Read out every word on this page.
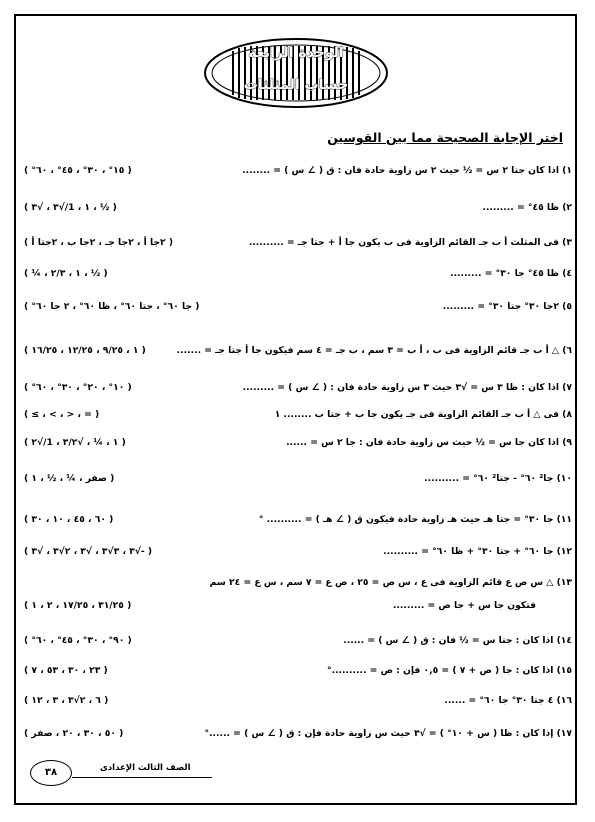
الوحدة الرابعة
حساب المثلثات
اختر الإجابة الصحيحة مما بين القوسين
١) اذا كان جتا ٢ س = ½ حيث ٢ س زاوية حادة فان : ق ( ∠ س ) = ........
( ١٥° ، ٣٠° ، ٤٥° ، ٦٠° )
٢) ظا ٤٥° = .........
( ½ ، ١ ، 1/√٣ ، √٣ )
٣) فى المثلث أ ب جـ القائم الزاوية فى ب يكون جا أ + جتا جـ = ..........
( ٢جا أ ، ٢جا جـ ، ٢جا ب ، ٢جتا أ )
٤) ظا ٤٥° جا ٣٠° = .........
( ½ ، ١ ، ٢/٣ ، ¼ )
٥) ٢جا ٣٠° جتا ٣٠° = .........
( جا ٦٠° ، جتا ٦٠° ، ظا ٦٠° ، ٢ جا ٦٠° )
٦) △ أ ب جـ قائم الزاوية فى ب ، أ ب = ٣ سم ، ب جـ = ٤ سم فيكون جا أ جتا جـ = .......
( ١ ، ٩/٢٥ ، ١٢/٢٥ ، ١٦/٢٥ )
٧) اذا كان : ظا ٣ س = √٣ حيث ٣ س زاوية حادة فان : ( ∠ س ) = .........
( ١٠° ، ٢٠° ، ٣٠° ، ٦٠° )
٨) فى △ أ ب جـ القائم الزاوية فى جـ يكون جا ب + جتا ب ........ ١
( = ، < ، > ، ≥ )
٩) اذا كان جا س = ½ حيث س زاوية حادة فان : جا ٢ س = ......
( ١ ، ¼ ، √٣/٢ ، 1/√٢ )
١٠) جا² ٦٠° - جتا² ٦٠° = ..........
( صفر ، ¼ ، ½ ، ١ )
١١) جا ٣٠° = جتا هـ حيث هـ زاوية حادة فيكون ق ( ∠ هـ ) = .......... °
( ٦٠ ، ٤٥ ، ١٠ ، ٣٠ )
١٢) جا ٦٠° + جتا ٣٠° + ظا ٦٠° = ..........
( -√٣ ، ٣√٣ ، √٣ ، ٢√٣ ، √٣ )
١٣) △ س ص ع قائم الزاوية فى ع ، س ص = ٢٥ ، ص ع = ٧ سم ، س ع = ٢٤ سم
فتكون جا س + جا ص = .........
( ٣١/٢٥ ، ١٧/٢٥ ، ٢ ، ١ )
١٤) اذا كان : جتا س = ½ فان : ق ( ∠ س ) = ......
( ٩٠° ، ٣٠° ، ٤٥° ، ٦٠° )
١٥) اذا كان : جا ( ص + ٧ ) = ٠,٥ فإن : ص = ..........°
( ٢٣ ، ٣٠ ، ٥٣ ، ٧ )
١٦) ٤ جتا ٣٠° جا ٦٠° = ......
( ٦ ، ٢√٣ ، ٣ ، ١٢ )
١٧) إذا كان : ظا ( س + ١٠° ) = √٣ حيث س زاوية حادة فإن : ق ( ∠ س ) = ......°
( ٥٠ ، ٣٠ ، ٢٠ ، صفر )
٣٨	الصف الثالث الإعدادى
